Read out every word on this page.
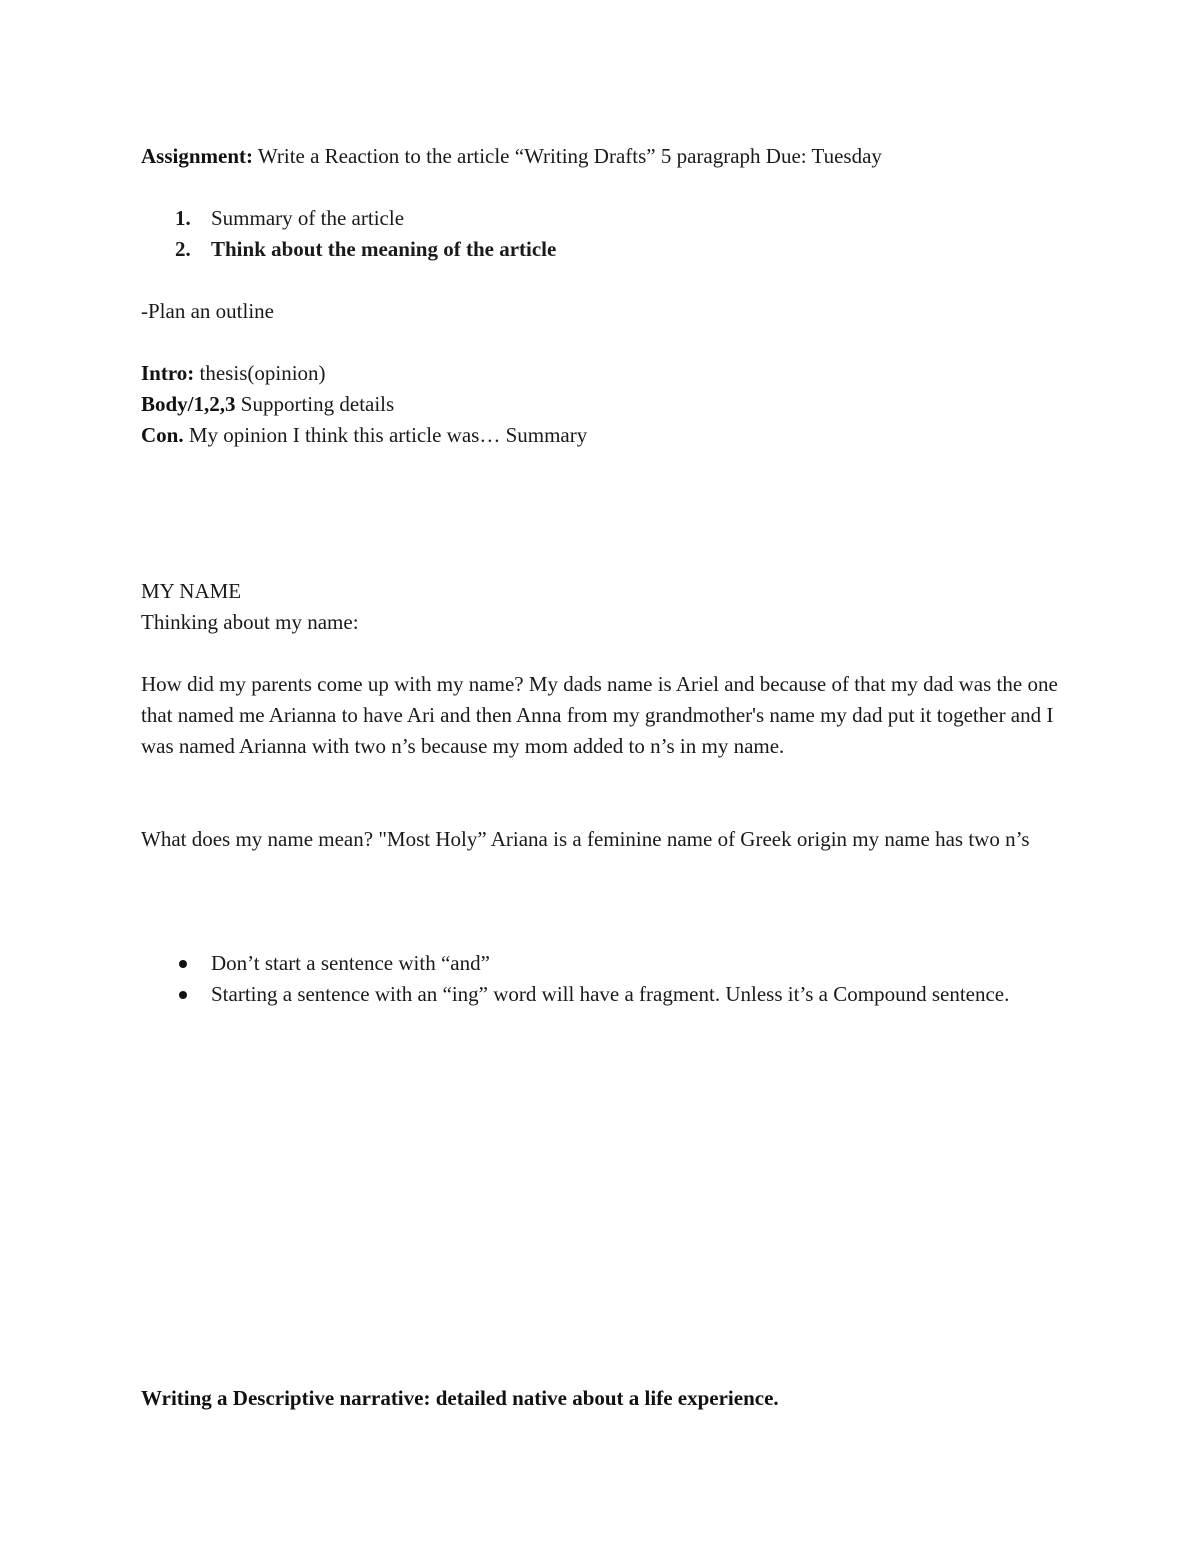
Assignment: Write a Reaction to the article “Writing Drafts” 5 paragraph Due: Tuesday

1. Summary of the article
2. Think about the meaning of the article

-Plan an outline

Intro: thesis(opinion)
Body/1,2,3 Supporting details
Con. My opinion I think this article was… Summary
MY NAME
Thinking about my name:

How did my parents come up with my name? My dads name is Ariel and because of that my dad was the one that named me Arianna to have Ari and then Anna from my grandmother's name my dad put it together and I was named Arianna with two n’s because my mom added to n’s in my name.

What does my name mean? "Most Holy” Ariana is a feminine name of Greek origin my name has two n’s

Don’t start a sentence with “and”
Starting a sentence with an “ing” word will have a fragment. Unless it’s a Compound sentence.

Writing a Descriptive narrative: detailed native about a life experience.
